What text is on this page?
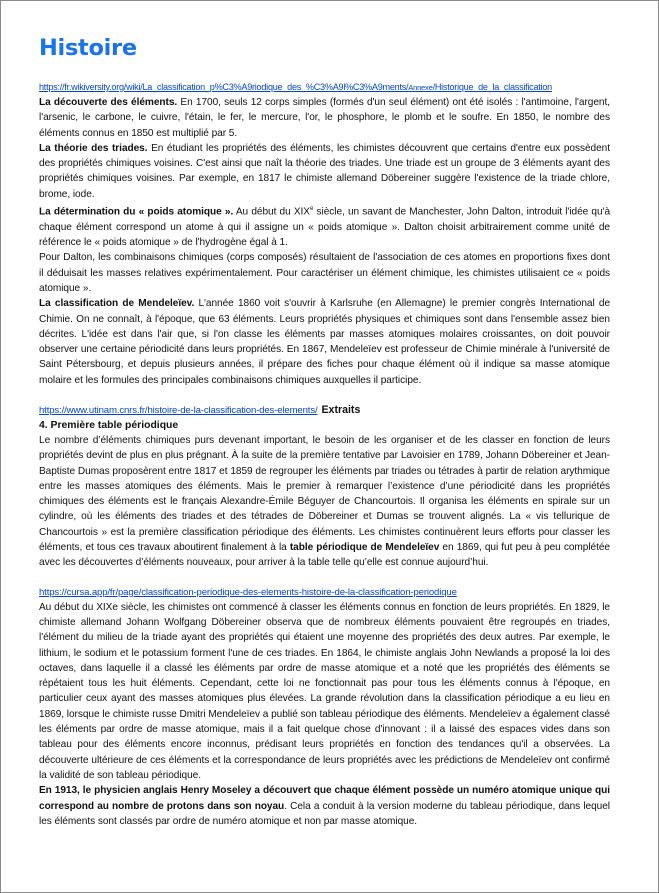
Histoire
https://fr.wikiversity.org/wiki/La_classification_p%C3%A9riodique_des_%C3%A9l%C3%A9ments/Annexe/Historique_de_la_classification

La découverte des éléments. En 1700, seuls 12 corps simples (formés d'un seul élément) ont été isolés : l'antimoine, l'argent, l'arsenic, le carbone, le cuivre, l'étain, le fer, le mercure, l'or, le phosphore, le plomb et le soufre. En 1850, le nombre des éléments connus en 1850 est multiplié par 5.

La théorie des triades. En étudiant les propriétés des éléments, les chimistes découvrent que certains d'entre eux possèdent des propriétés chimiques voisines. C'est ainsi que naît la théorie des triades. Une triade est un groupe de 3 éléments ayant des propriétés chimiques voisines. Par exemple, en 1817 le chimiste allemand Döbereiner suggère l'existence de la triade chlore, brome, iode.

La détermination du « poids atomique ». Au début du XIXe siècle, un savant de Manchester, John Dalton, introduit l'idée qu'à chaque élément correspond un atome à qui il assigne un « poids atomique ». Dalton choisit arbitrairement comme unité de référence le « poids atomique » de l'hydrogène égal à 1.

Pour Dalton, les combinaisons chimiques (corps composés) résultaient de l'association de ces atomes en proportions fixes dont il déduisait les masses relatives expérimentalement. Pour caractériser un élément chimique, les chimistes utilisaient ce « poids atomique ».

La classification de Mendeleïev. L'année 1860 voit s'ouvrir à Karlsruhe (en Allemagne) le premier congrès International de Chimie. On ne connaît, à l'époque, que 63 éléments. Leurs propriétés physiques et chimiques sont dans l'ensemble assez bien décrites. L'idée est dans l'air que, si l'on classe les éléments par masses atomiques molaires croissantes, on doit pouvoir observer une certaine périodicité dans leurs propriétés. En 1867, Mendeleïev est professeur de Chimie minérale à l'université de Saint Pétersbourg, et depuis plusieurs années, il prépare des fiches pour chaque élément où il indique sa masse atomique molaire et les formules des principales combinaisons chimiques auxquelles il participe.

https://www.utinam.cnrs.fr/histoire-de-la-classification-des-elements/ Extraits

4. Première table périodique

Le nombre d’éléments chimiques purs devenant important, le besoin de les organiser et de les classer en fonction de leurs propriétés devint de plus en plus prégnant. À la suite de la première tentative par Lavoisier en 1789, Johann Döbereiner et Jean-Baptiste Dumas proposèrent entre 1817 et 1859 de regrouper les éléments par triades ou tétrades à partir de relation arythmique entre les masses atomiques des éléments. Mais le premier à remarquer l’existence d’une périodicité dans les propriétés chimiques des éléments est le français Alexandre-Émile Béguyer de Chancourtois. Il organisa les éléments en spirale sur un cylindre, où les éléments des triades et des tétrades de Döbereiner et Dumas se trouvent alignés. La « vis tellurique de Chancourtois » est la première classification périodique des éléments. Les chimistes continuèrent leurs efforts pour classer les éléments, et tous ces travaux aboutirent finalement à la table périodique de Mendeleïev en 1869, qui fut peu à peu complétée avec les découvertes d’éléments nouveaux, pour arriver à la table telle qu’elle est connue aujourd’hui.

https://cursa.app/fr/page/classification-periodique-des-elements-histoire-de-la-classification-periodique

Au début du XIXe siècle, les chimistes ont commencé à classer les éléments connus en fonction de leurs propriétés. En 1829, le chimiste allemand Johann Wolfgang Döbereiner observa que de nombreux éléments pouvaient être regroupés en triades, l'élément du milieu de la triade ayant des propriétés qui étaient une moyenne des propriétés des deux autres. Par exemple, le lithium, le sodium et le potassium forment l'une de ces triades. En 1864, le chimiste anglais John Newlands a proposé la loi des octaves, dans laquelle il a classé les éléments par ordre de masse atomique et a noté que les propriétés des éléments se répétaient tous les huit éléments. Cependant, cette loi ne fonctionnait pas pour tous les éléments connus à l'époque, en particulier ceux ayant des masses atomiques plus élevées. La grande révolution dans la classification périodique a eu lieu en 1869, lorsque le chimiste russe Dmitri Mendeleïev a publié son tableau périodique des éléments. Mendeleïev a également classé les éléments par ordre de masse atomique, mais il a fait quelque chose d'innovant : il a laissé des espaces vides dans son tableau pour des éléments encore inconnus, prédisant leurs propriétés en fonction des tendances qu'il a observées. La découverte ultérieure de ces éléments et la correspondance de leurs propriétés avec les prédictions de Mendeleïev ont confirmé la validité de son tableau périodique.

En 1913, le physicien anglais Henry Moseley a découvert que chaque élément possède un numéro atomique unique qui correspond au nombre de protons dans son noyau. Cela a conduit à la version moderne du tableau périodique, dans lequel les éléments sont classés par ordre de numéro atomique et non par masse atomique.
